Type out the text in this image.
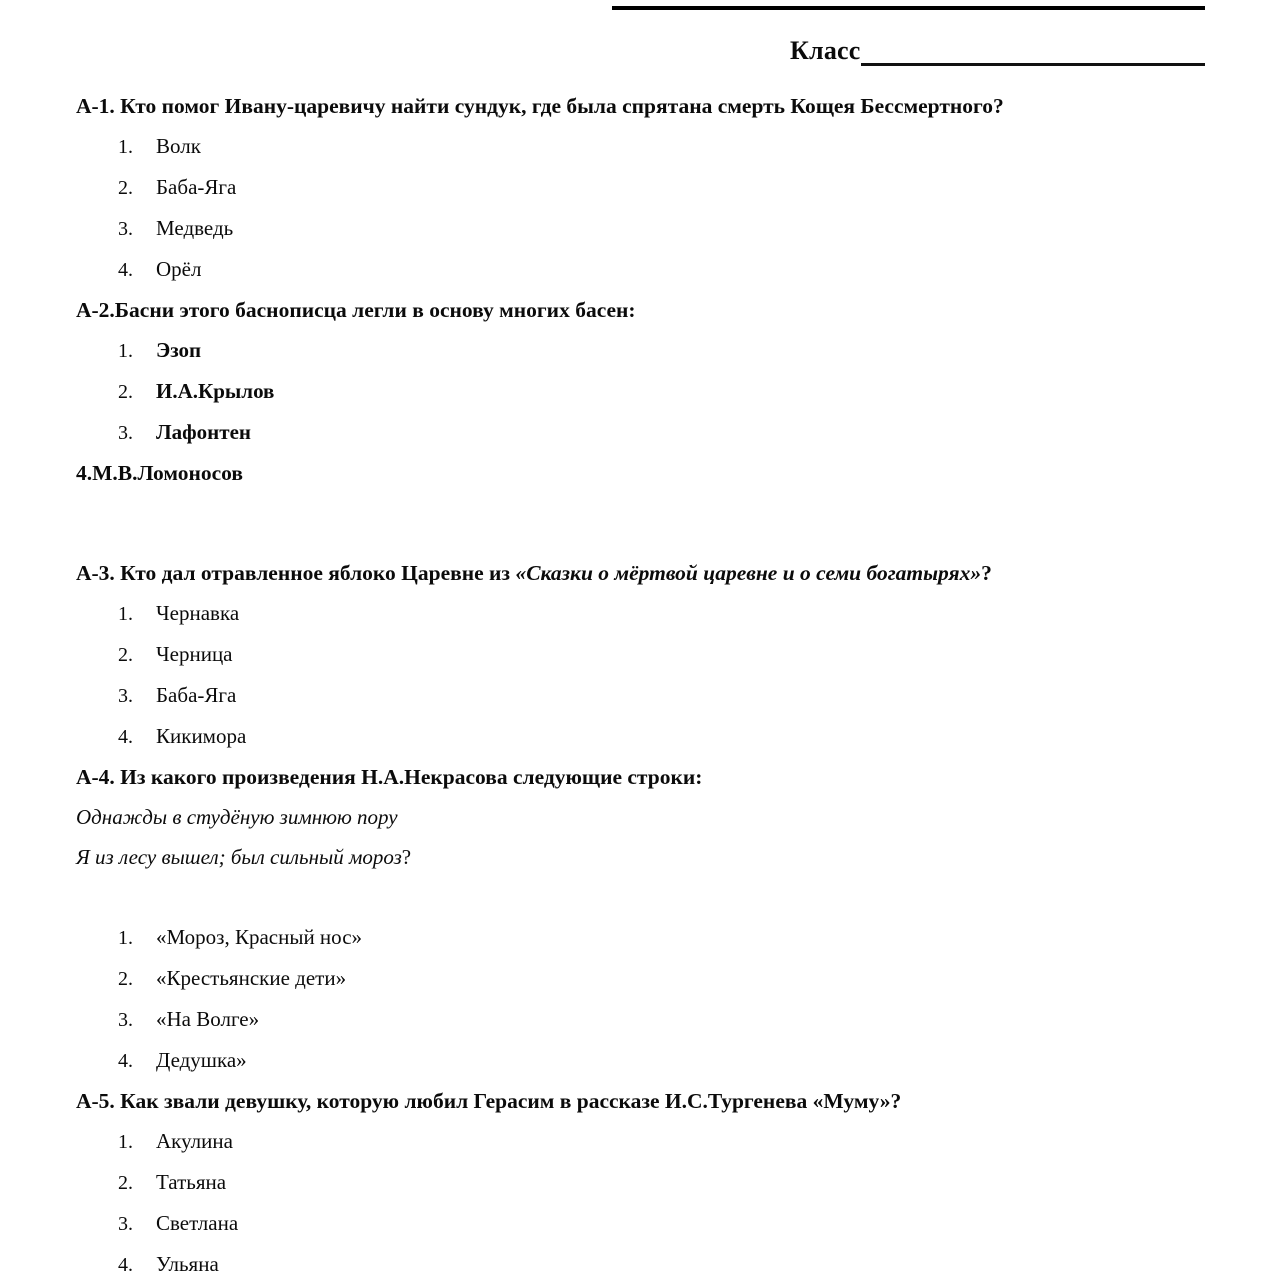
Класс

А-1. Кто помог Ивану-царевичу найти сундук, где была спрятана смерть Кощея Бессмертного?

1.	Волк
2.	Баба-Яга
3.	Медведь
4.	Орёл

А-2.Басни этого баснописца легли в основу многих басен:

1.	Эзоп
2.	И.А.Крылов
3.	Лафонтен

4.М.В.Ломоносов

А-3. Кто дал отравленное яблоко Царевне из «Сказки о мёртвой царевне и о семи богатырях»?

1.	Чернавка
2.	Черница
3.	Баба-Яга
4.	Кикимора

А-4. Из какого произведения Н.А.Некрасова следующие строки:

Однажды в студёную зимнюю пору

Я из лесу вышел; был сильный мороз?

1.	«Мороз, Красный нос»
2.	«Крестьянские дети»
3.	«На Волге»
4.	Дедушка»

А-5. Как звали девушку, которую любил Герасим в рассказе И.С.Тургенева «Муму»?

1.	Акулина
2.	Татьяна
3.	Светлана
4.	Ульяна
